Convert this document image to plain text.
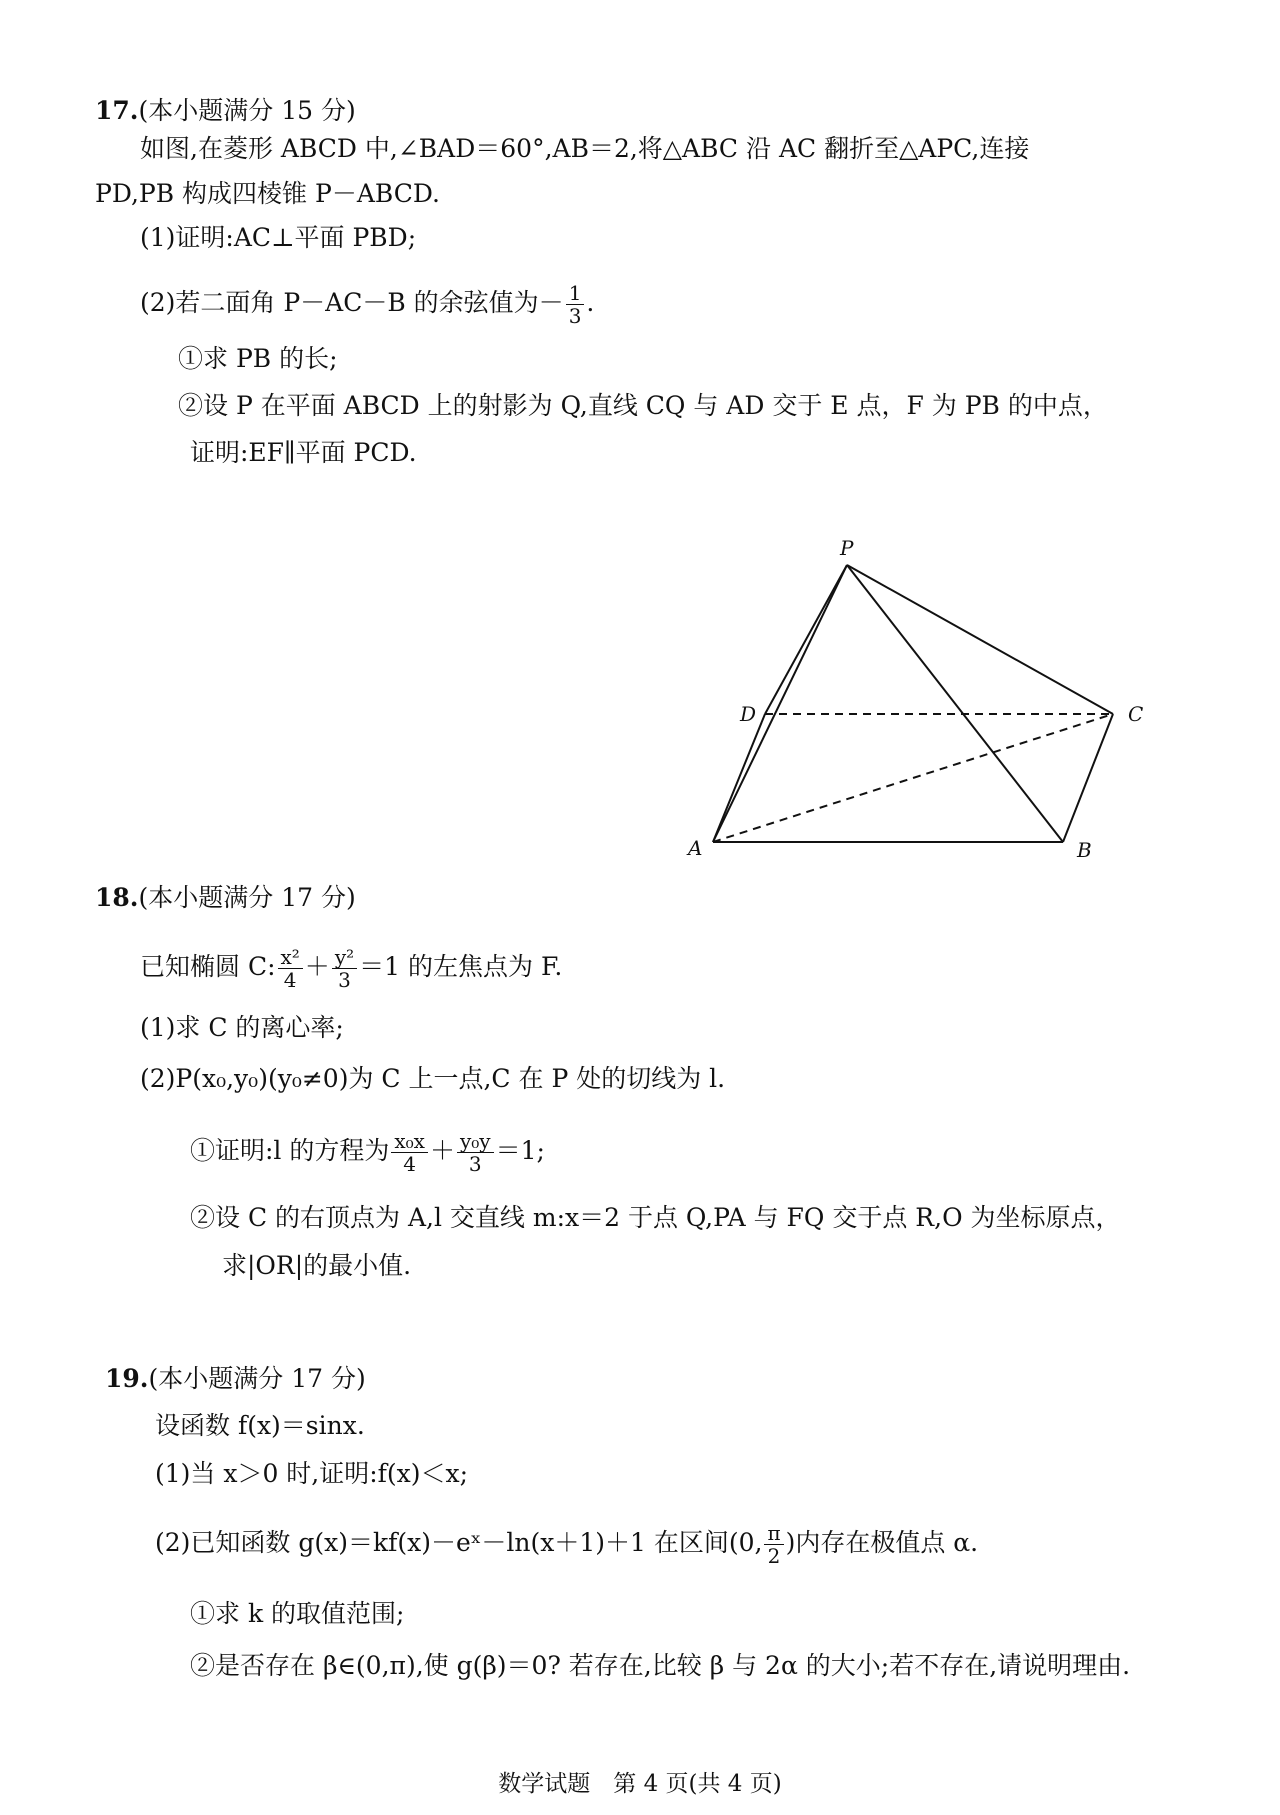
17.(本小题满分 15 分)
如图,在菱形 ABCD 中,∠BAD＝60°,AB＝2,将△ABC 沿 AC 翻折至△APC,连接
PD,PB 构成四棱锥 P－ABCD.
(1)证明:AC⊥平面 PBD;
(2)若二面角 P－AC－B 的余弦值为－ $\frac{1}{3}$ .
①求 PB 的长;
②设 P 在平面 ABCD 上的射影为 Q,直线 CQ 与 AD 交于 E 点，F 为 PB 的中点，
证明:EF∥平面 PCD.
P
D	C
A	B
18.(本小题满分 17 分)
已知椭圆 C: $\frac{\text{x²}}{4} + \frac{\text{y²}}{3} =1$ 的左焦点为 F.
(1)求 C 的离心率;
(2)P(x₀,y₀)(y₀≠0)为 C 上一点,C 在 P 处的切线为 l.
①证明:l 的方程为 $\frac{\text{x₀x}}{4} + \frac{\text{y₀y}}{3} =1$;
②设 C 的右顶点为 A,l 交直线 m:x＝2 于点 Q,PA 与 FQ 交于点 R,O 为坐标原点，
求|OR|的最小值.
19.(本小题满分 17 分)
设函数 f(x)＝sinx.
(1)当 x＞0 时,证明:f(x)＜x;
(2)已知函数 g(x)＝kf(x)－eˣ－ln(x＋1)＋1 在区间(0, $\frac{\pi}{2}$ )内存在极值点 α.
①求 k 的取值范围;
②是否存在 β∈(0,π),使 g(β)＝0? 若存在,比较 β 与 2α 的大小;若不存在,请说明理由.
数学试题　第 4 页(共 4 页)
